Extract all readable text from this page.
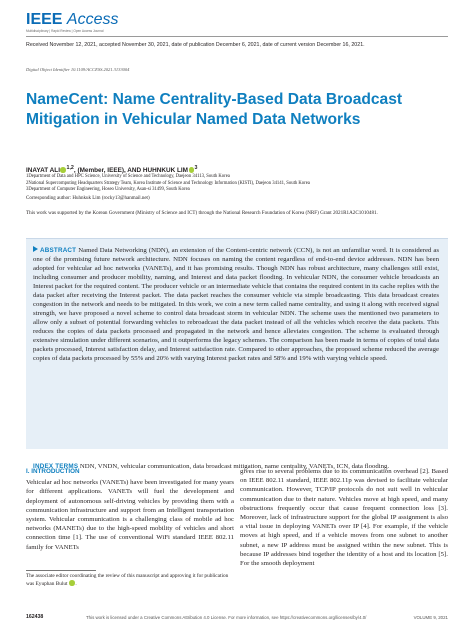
IEEE Access
Multidisciplinary | Rapid Review | Open Access Journal
Received November 12, 2021, accepted November 30, 2021, date of publication December 6, 2021, date of current version December 16, 2021.
Digital Object Identifier 10.1109/ACCESS.2021.3133004
NameCent: Name Centrality-Based Data Broadcast Mitigation in Vehicular Named Data Networks
INAYAT ALI $^{1,2}$, (Member, IEEE), AND HUHNKUK LIM $^3$
1Department of Data and HPC Science, University of Science and Technology, Daejeon 34113, South Korea
2National Supercomputing Headquarters Strategy Team, Korea Institute of Science and Technology Information (KISTI), Daejeon 34141, South Korea
3Department of Computer Engineering, Hoseo University, Asan-si 31499, South Korea
Corresponding author: Huhnkuk Lim (rocky13@hanmail.net)
This work was supported by the Korean Government (Ministry of Science and ICT) through the National Research Foundation of Korea (NRF) Grant 2021R1A2C1010481.

ABSTRACT Named Data Networking (NDN), an extension of the Content-centric network (CCN), is not an unfamiliar word. It is considered as one of the promising future network architecture. NDN focuses on naming the content regardless of end-to-end device addresses. NDN has been adopted for vehicular ad hoc networks (VANETs), and it has promising results. Though NDN has robust architecture, many challenges still exist, including consumer and producer mobility, naming, and Interest and data packet flooding. In vehicular NDN, the consumer vehicle broadcasts an Interest packet for the required content. The producer vehicle or an intermediate vehicle that contains the required content in its cache replies with the data packet after receiving the Interest packet. The data packet reaches the consumer vehicle via simple broadcasting. This data broadcast creates congestion in the network and needs to be mitigated. In this work, we coin a new term called name centrality, and using it along with received signal strength, we have proposed a novel scheme to control data broadcast storm in vehicular NDN. The scheme uses the mentioned two parameters to allow only a subset of potential forwarding vehicles to rebroadcast the data packet instead of all the vehicles which receive the data packets. This reduces the copies of data packets processed and propagated in the network and hence alleviates congestion. The scheme is evaluated through extensive simulation under different scenarios, and it outperforms the legacy schemes. The comparison has been made in terms of copies of total data packets processed, Interest satisfaction delay, and Interest satisfaction rate. Compared to other approaches, the proposed scheme reduced the average copies of data packets processed by 55% and 20% with varying Interest packet rates and 58% and 19% with varying vehicle speed.

INDEX TERMS NDN, VNDN, vehicular communication, data broadcast mitigation, name centrality, VANETs, ICN, data flooding.

I. INTRODUCTION

Vehicular ad hoc networks (VANETs) have been investigated for many years for different applications. VANETs will fuel the development and deployment of autonomous self-driving vehicles by providing them with a communication infrastructure and support from an Intelligent transportation system. Vehicular communication is a challenging class of mobile ad hoc networks (MANETs) due to the high-speed mobility of vehicles and short connection time [1]. The use of conventional WiFi standard IEEE 802.11 family for VANETs

The associate editor coordinating the review of this manuscript and approving it for publication was Eyuphan Bulut .

gives rise to several problems due to its communication overhead [2]. Based on IEEE 802.11 standard, IEEE 802.11p was devised to facilitate vehicular communication. However, TCP/IP protocols do not suit well in vehicular communication due to their nature. Vehicles move at high speed, and many obstructions frequently occur that cause frequent connection loss [3]. Moreover, lack of infrastructure support for the global IP assignment is also a vital issue in deploying VANETs over IP [4]. For example, if the vehicle moves at high speed, and if a vehicle moves from one subnet to another subnet, a new IP address must be assigned within the new subnet. This is because IP addresses bind together the identity of a host and its location [5]. For the smooth deployment

162438	This work is licensed under a Creative Commons Attribution 4.0 License. For more information, see https://creativecommons.org/licenses/by/4.0/	VOLUME 9, 2021
